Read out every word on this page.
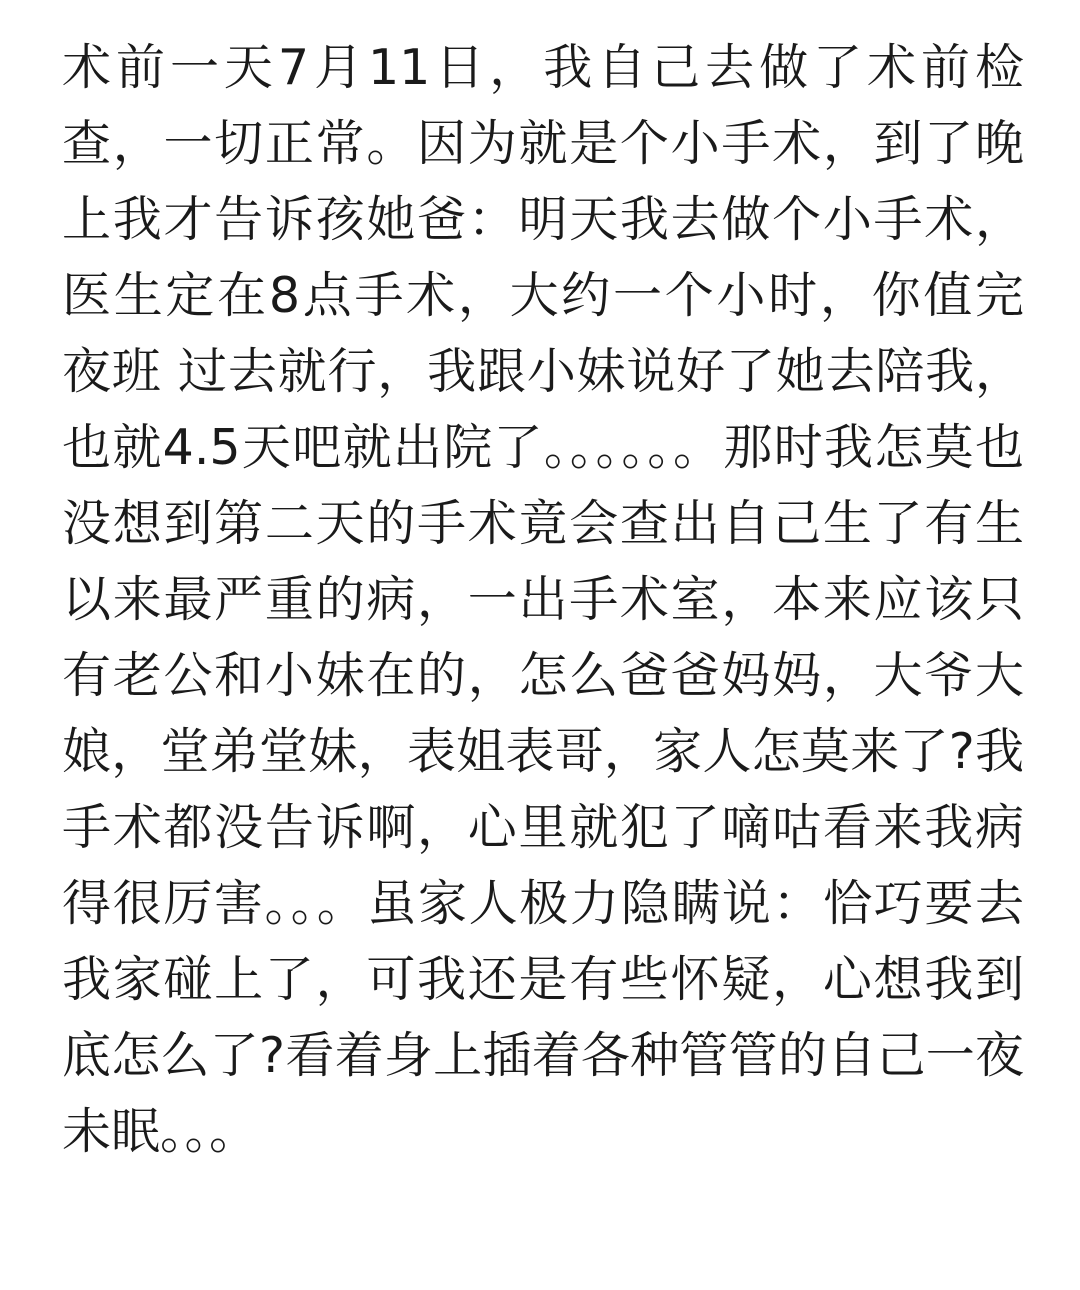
术前一天7月11日，我自己去做了术前检查，一切正常。因为就是个小手术，到了晚上我才告诉孩她爸：明天我去做个小手术，医生定在8点手术，大约一个小时，你值完夜班 过去就行，我跟小妹说好了她去陪我，也就4.5天吧就出院了。。。。。。那时我怎莫也没想到第二天的手术竟会查出自己生了有生以来最严重的病，一出手术室，本来应该只有老公和小妹在的，怎么爸爸妈妈，大爷大娘，堂弟堂妹，表姐表哥，家人怎莫来了?我手术都没告诉啊，心里就犯了嘀咕看来我病得很厉害。。。虽家人极力隐瞒说：恰巧要去我家碰上了，可我还是有些怀疑，心想我到底怎么了?看着身上插着各种管管的自己一夜未眠。。。
